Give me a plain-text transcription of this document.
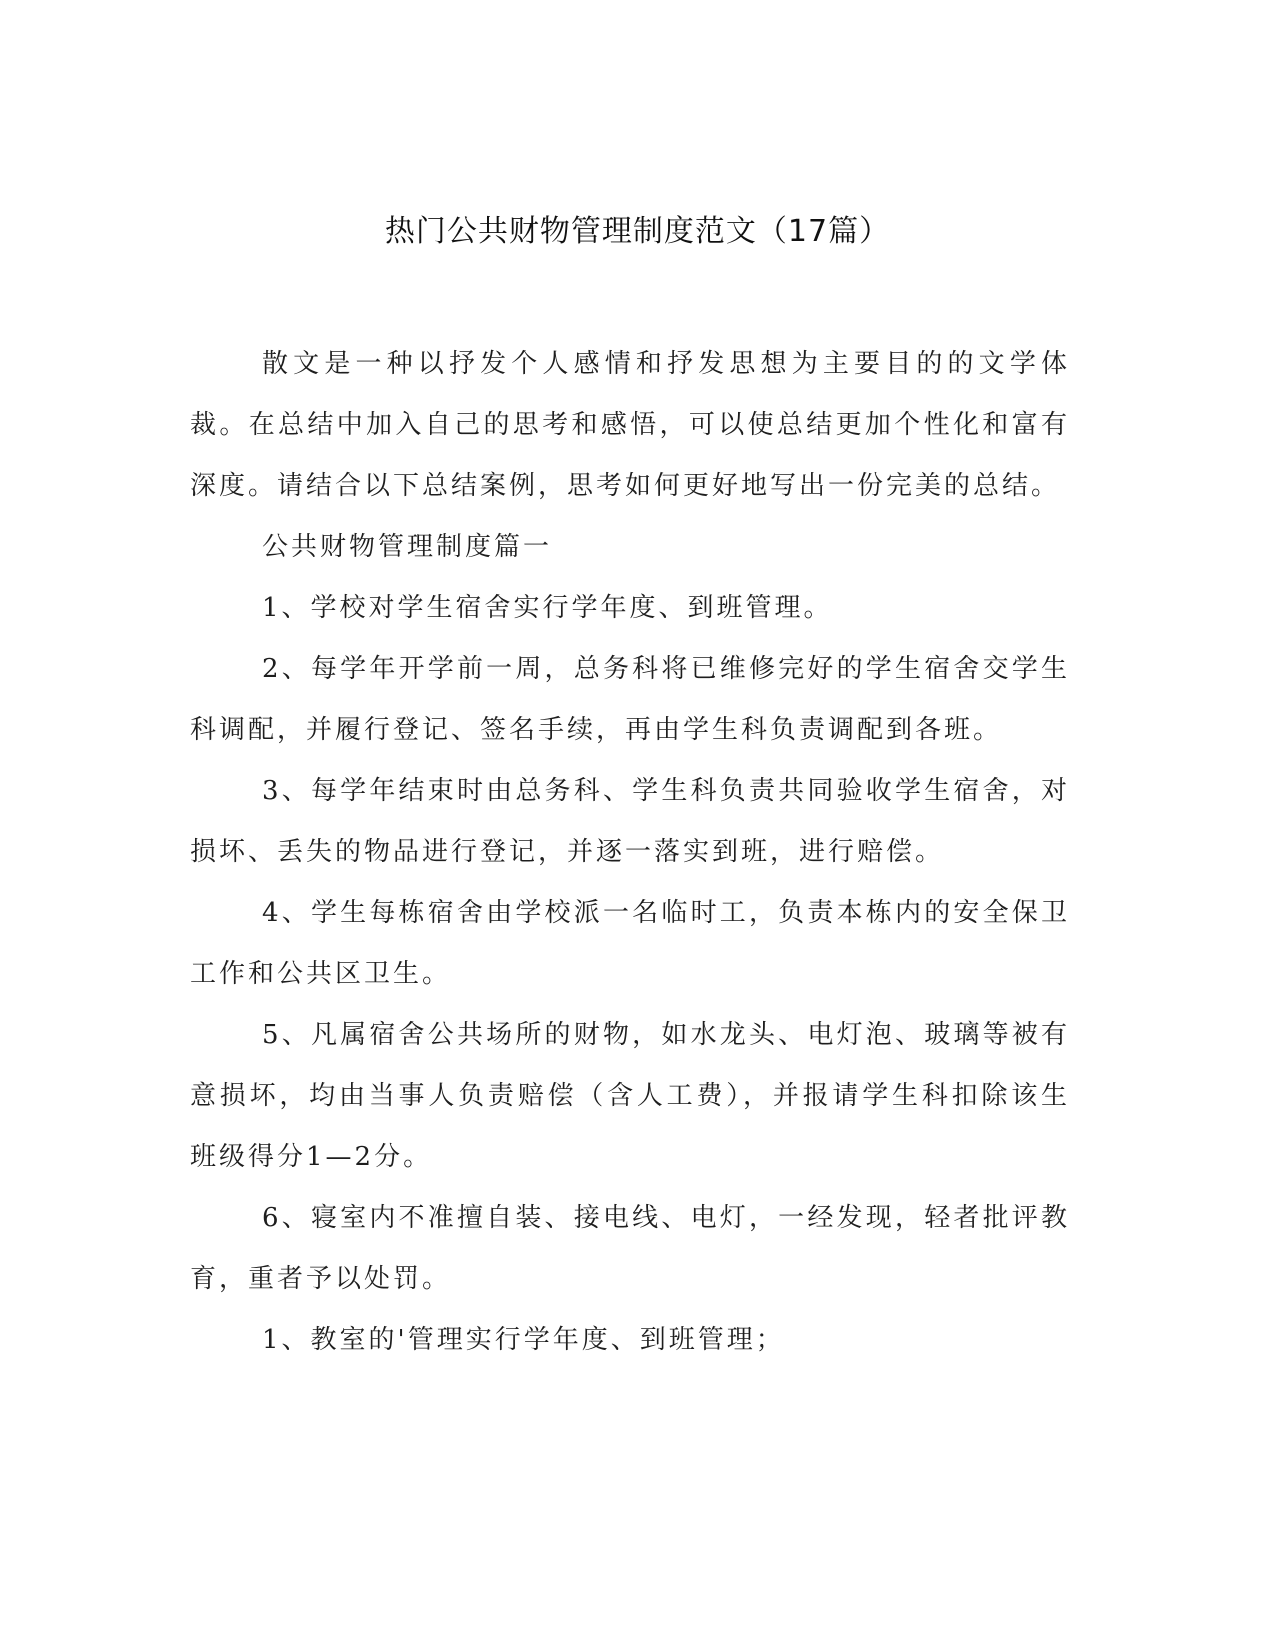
热门公共财物管理制度范文（17篇）

散文是一种以抒发个人感情和抒发思想为主要目的的文学体裁。在总结中加入自己的思考和感悟，可以使总结更加个性化和富有深度。请结合以下总结案例，思考如何更好地写出一份完美的总结。

公共财物管理制度篇一

1、学校对学生宿舍实行学年度、到班管理。

2、每学年开学前一周，总务科将已维修完好的学生宿舍交学生科调配，并履行登记、签名手续，再由学生科负责调配到各班。

3、每学年结束时由总务科、学生科负责共同验收学生宿舍，对损坏、丢失的物品进行登记，并逐一落实到班，进行赔偿。

4、学生每栋宿舍由学校派一名临时工，负责本栋内的安全保卫工作和公共区卫生。

5、凡属宿舍公共场所的财物，如水龙头、电灯泡、玻璃等被有意损坏，均由当事人负责赔偿（含人工费），并报请学生科扣除该生班级得分1—2分。

6、寝室内不准擅自装、接电线、电灯，一经发现，轻者批评教育，重者予以处罚。

1、教室的'管理实行学年度、到班管理；
